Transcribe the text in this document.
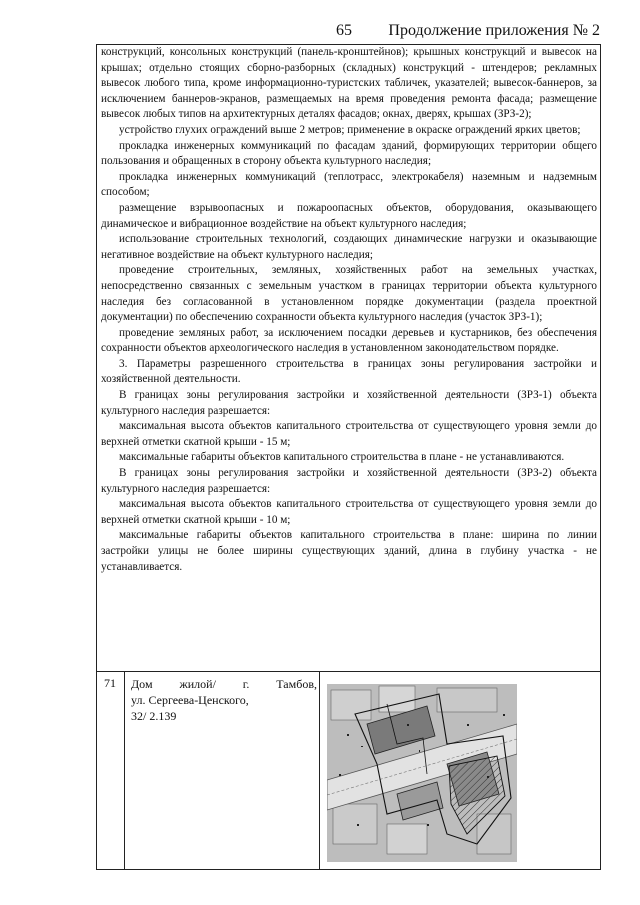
65 Продолжение приложения № 2

конструкций, консольных конструкций (панель-кронштейнов); крышных конструкций и вывесок на крышах; отдельно стоящих сборно-разборных (складных) конструкций - штендеров; рекламных вывесок любого типа, кроме информационно-туристских табличек, указателей; вывесок-баннеров, за исключением баннеров-экранов, размещаемых на время проведения ремонта фасада; размещение вывесок любых типов на архитектурных деталях фасадов; окнах, дверях, крышах (ЗРЗ-2);

устройство глухих ограждений выше 2 метров; применение в окраске ограждений ярких цветов;

прокладка инженерных коммуникаций по фасадам зданий, формирующих территории общего пользования и обращенных в сторону объекта культурного наследия;

прокладка инженерных коммуникаций (теплотрасс, электрокабеля) наземным и надземным способом;

размещение взрывоопасных и пожароопасных объектов, оборудования, оказывающего динамическое и вибрационное воздействие на объект культурного наследия;

использование строительных технологий, создающих динамические нагрузки и оказывающие негативное воздействие на объект культурного наследия;

проведение строительных, земляных, хозяйственных работ на земельных участках, непосредственно связанных с земельным участком в границах территории объекта культурного наследия без согласованной в установленном порядке документации (раздела проектной документации) по обеспечению сохранности объекта культурного наследия (участок ЗРЗ-1);

проведение земляных работ, за исключением посадки деревьев и кустарников, без обеспечения сохранности объектов археологического наследия в установленном законодательством порядке.

3. Параметры разрешенного строительства в границах зоны регулирования застройки и хозяйственной деятельности.

В границах зоны регулирования застройки и хозяйственной деятельности (ЗРЗ-1) объекта культурного наследия разрешается:

максимальная высота объектов капитального строительства от существующего уровня земли до верхней отметки скатной крыши - 15 м;

максимальные габариты объектов капитального строительства в плане - не устанавливаются.

В границах зоны регулирования застройки и хозяйственной деятельности (ЗРЗ-2) объекта культурного наследия разрешается:

максимальная высота объектов капитального строительства от существующего уровня земли до верхней отметки скатной крыши - 10 м;

максимальные габариты объектов капитального строительства в плане: ширина по линии застройки улицы не более ширины существующих зданий, длина в глубину участка - не устанавливается.

71 Дом жилой/ г. Тамбов,
ул. Сергеева-Ценского,
32/ 2.139
